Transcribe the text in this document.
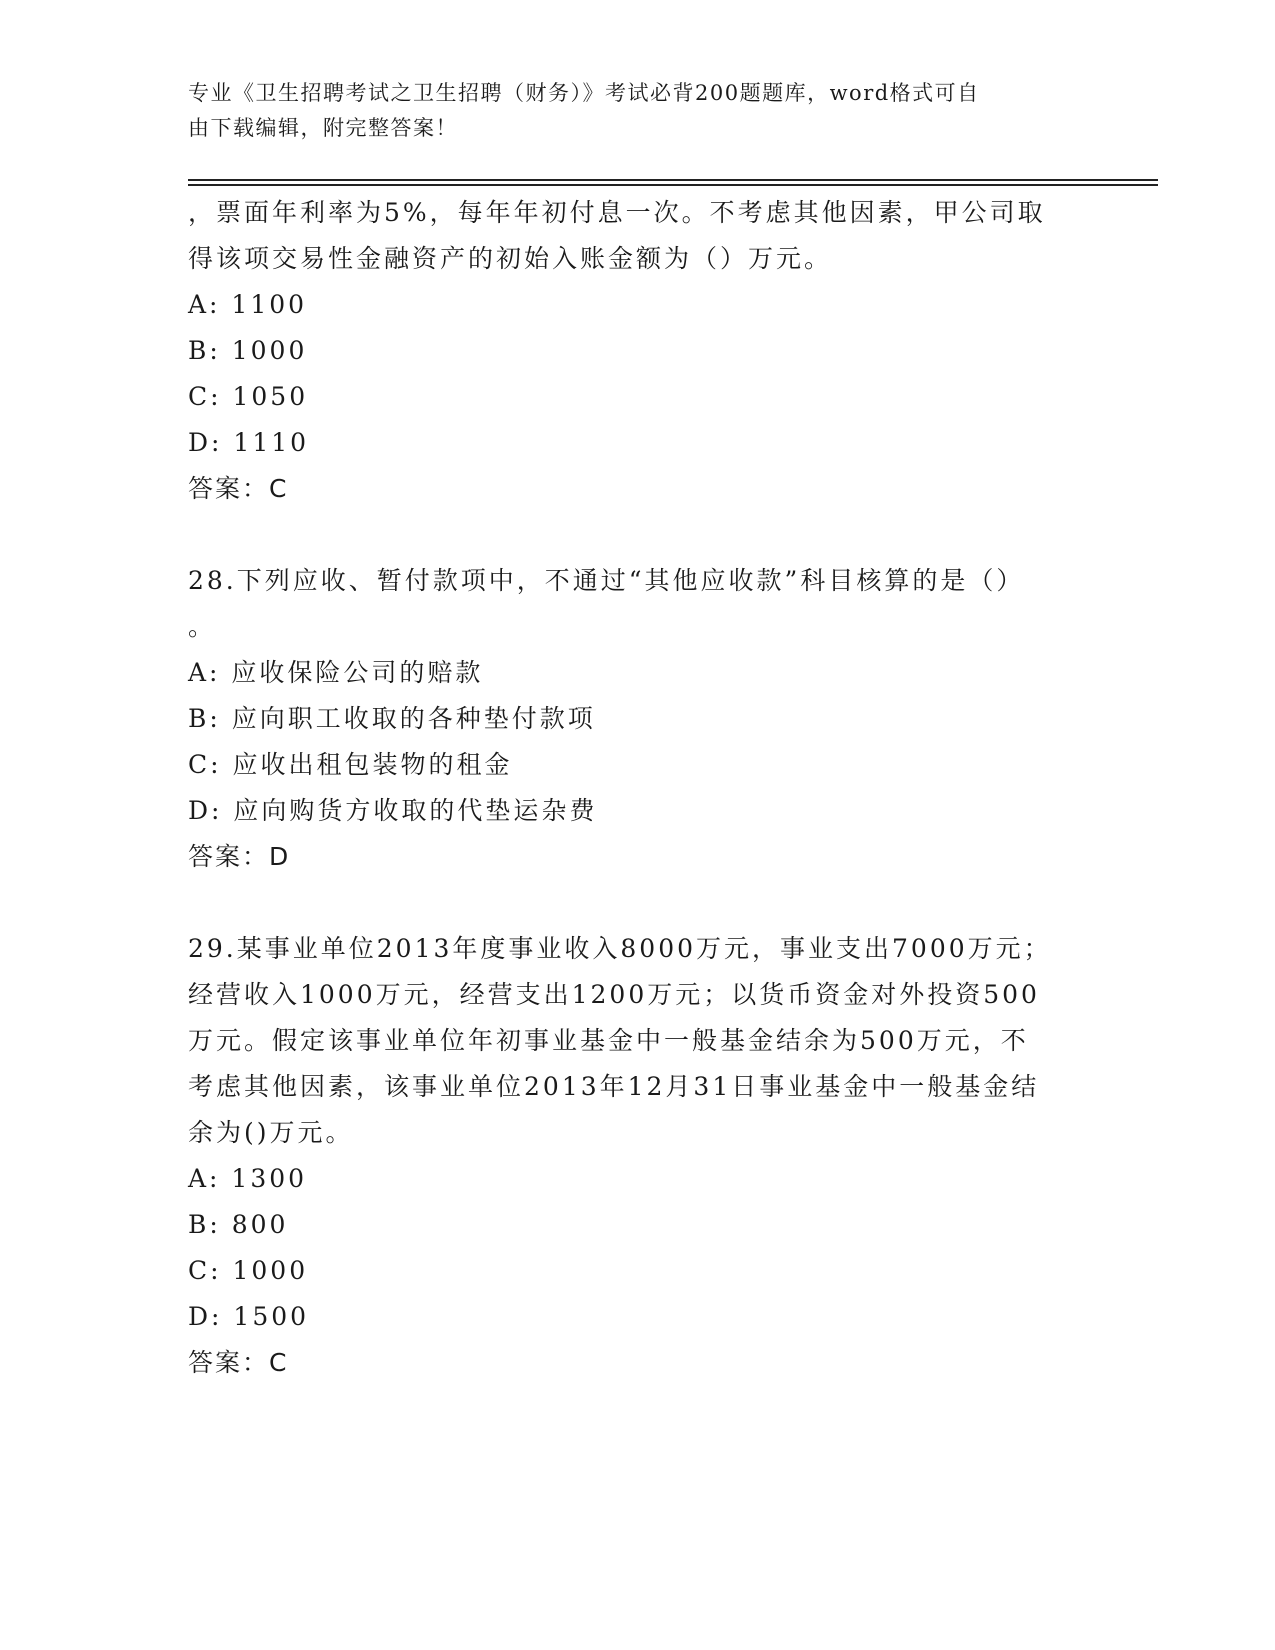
专业《卫生招聘考试之卫生招聘（财务）》考试必背200题题库，word格式可自
由下载编辑，附完整答案！
，票面年利率为5%，每年年初付息一次。不考虑其他因素，甲公司取
得该项交易性金融资产的初始入账金额为（）万元。
A: 1100
B: 1000
C: 1050
D: 1110
答案：C
28.下列应收、暂付款项中，不通过“其他应收款”科目核算的是（）
。
A: 应收保险公司的赔款
B: 应向职工收取的各种垫付款项
C: 应收出租包装物的租金
D: 应向购货方收取的代垫运杂费
答案：D
29.某事业单位2013年度事业收入8000万元，事业支出7000万元；
经营收入1000万元，经营支出1200万元；以货币资金对外投资500
万元。假定该事业单位年初事业基金中一般基金结余为500万元，不
考虑其他因素，该事业单位2013年12月31日事业基金中一般基金结
余为()万元。
A: 1300
B: 800
C: 1000
D: 1500
答案：C
